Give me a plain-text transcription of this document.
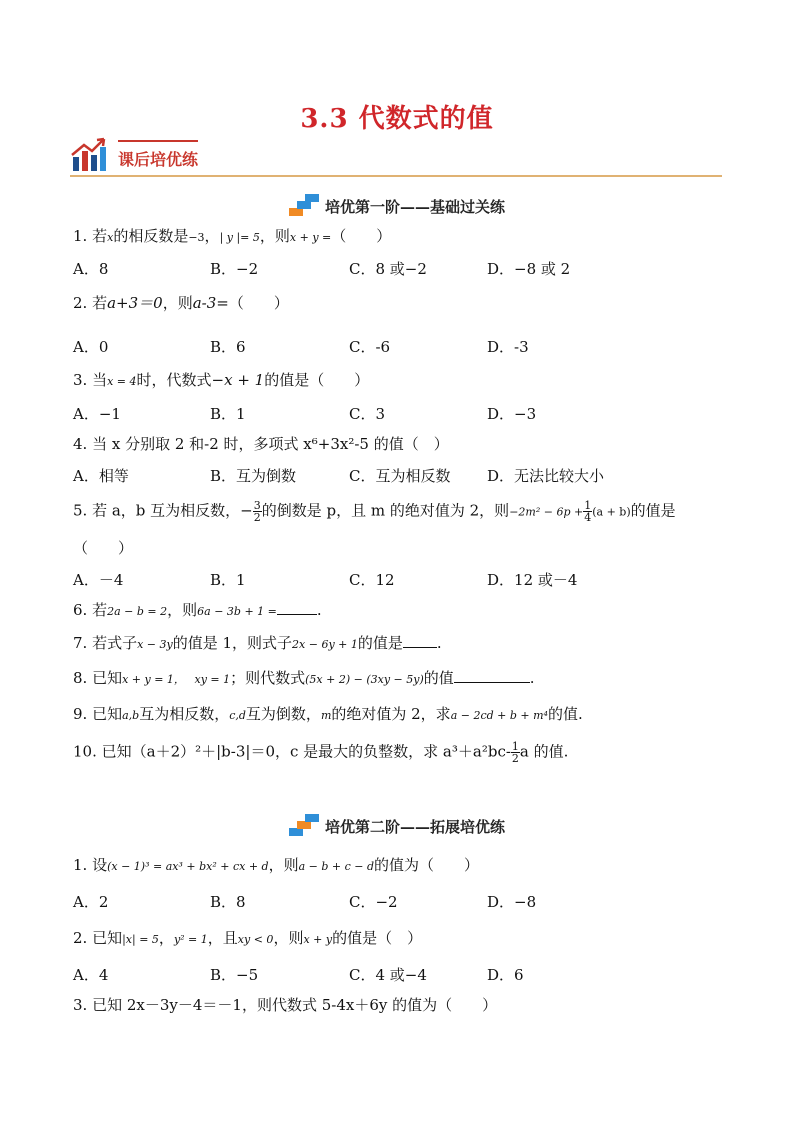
3.3 代数式的值
课后培优练
培优第一阶——基础过关练
1. 若x的相反数是−3，| y |= 5，则x + y =（　　）
A．8	B．−2	C．8 或−2	D．−8 或 2
2. 若a+3＝0，则a-3=（　　）
A．0	B．6	C．-6	D．-3
3. 当x = 4时，代数式−x + 1的值是（　　）
A．−1	B．1	C．3	D．−3
4. 当 x 分别取 2 和-2 时，多项式 x⁶+3x²-5 的值（　）
A．相等	B．互为倒数	C．互为相反数 D．无法比较大小
5. 若 a，b 互为相反数，− $\frac{3}{2}$ 的倒数是 p，且 m 的绝对值为 2，则$-2m^2 - 6p + \frac{1}{4} (a + b)$的值是
（　　）
A．－4	B．1	C．12	D．12 或－4
6. 若2a − b = 2，则6a − 3b + 1 =	.
7. 若式子x − 3y的值是 1，则式子2x − 6y + 1的值是 .
8. 已知x + y = 1， xy = 1；则代数式(5x + 2) − (3xy − 5y)的值	.
9. 已知a,b互为相反数，c,d互为倒数，m的绝对值为 2，求a − 2cd + b + m⁴的值.
10. 已知（a＋2）²＋|b-3|＝0，c 是最大的负整数，求 $a^3+a^2bc- \frac{1}{2}$ a 的值.
培优第二阶——拓展培优练
1. 设(x − 1)³ = ax³ + bx² + cx + d，则a − b + c − d的值为（　　）
A．2	B．8	C．−2	D．−8
2. 已知|x| = 5，y² = 1，且xy < 0，则x + y的值是（　）
A．4	B．−5	C．4 或−4	D．6
3. 已知 2x－3y－4＝－1，则代数式 5-4x＋6y 的值为（　　）
